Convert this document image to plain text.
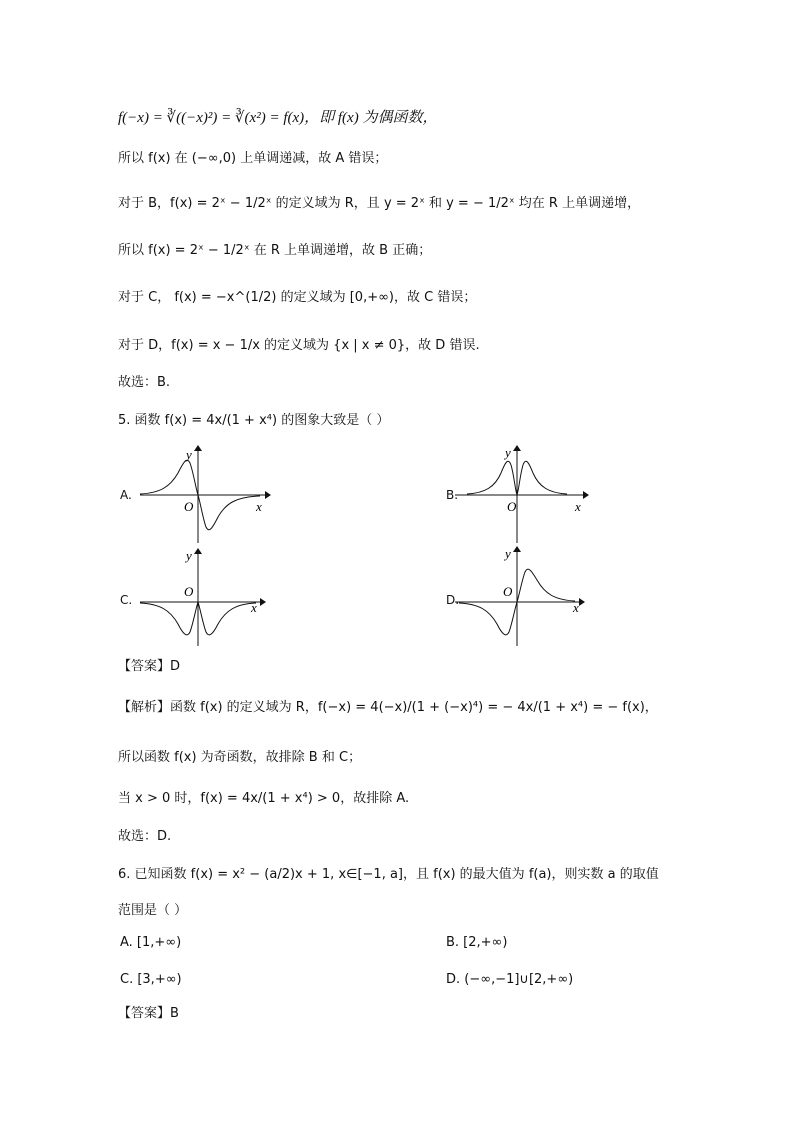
f(−x) = ∛((−x)²) = ∛(x²) = f(x)，即 f(x) 为偶函数，
所以 f(x) 在 (−∞,0) 上单调递减，故 A 错误；
对于 B，f(x) = 2ˣ − 1/2ˣ 的定义域为 R，且 y = 2ˣ 和 y = − 1/2ˣ 均在 R 上单调递增，
所以 f(x) = 2ˣ − 1/2ˣ 在 R 上单调递增，故 B 正确；
对于 C， f(x) = −x^(1/2) 的定义域为 [0,+∞)，故 C 错误；
对于 D，f(x) = x − 1/x 的定义域为 {x | x ≠ 0}，故 D 错误.
故选：B.
5. 函数 f(x) = 4x/(1 + x⁴) 的图象大致是（ ）
A.
y
x
O
B.
y
x
O
C.
y
x
O
D.
y
x
O
【答案】D
【解析】函数 f(x) 的定义域为 R，f(−x) = 4(−x)/(1 + (−x)⁴) = − 4x/(1 + x⁴) = − f(x)，
所以函数 f(x) 为奇函数，故排除 B 和 C；
当 x > 0 时，f(x) = 4x/(1 + x⁴) > 0，故排除 A.
故选：D.
6. 已知函数 f(x) = x² − (a/2)x + 1, x∈[−1, a]，且 f(x) 的最大值为 f(a)，则实数 a 的取值
范围是（ ）
A. [1,+∞)	B. [2,+∞)
C. [3,+∞)	D. (−∞,−1]∪[2,+∞)
【答案】B
